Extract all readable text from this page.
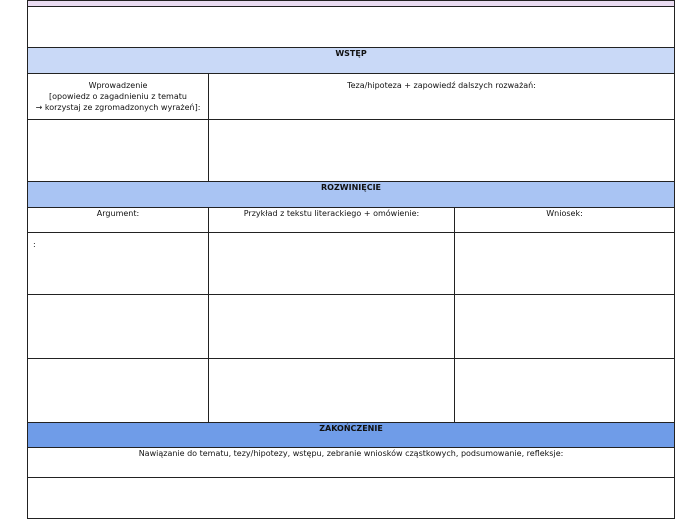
WSTĘP		

Wprowadzenie
[opowiedz o zagadnieniu z tematu
→ korzystaj ze zgromadzonych wyrażeń]:	Teza/hipoteza + zapowiedź dalszych rozważań:	

ROZWINIĘCIE		
Argument:	Przykład z tekstu literackiego + omówienie:	Wniosek:
:		

ZAKOŃCZENIE		
Nawiązanie do tematu, tezy/hipotezy, wstępu, zebranie wniosków cząstkowych, podsumowanie, refleksje:		
